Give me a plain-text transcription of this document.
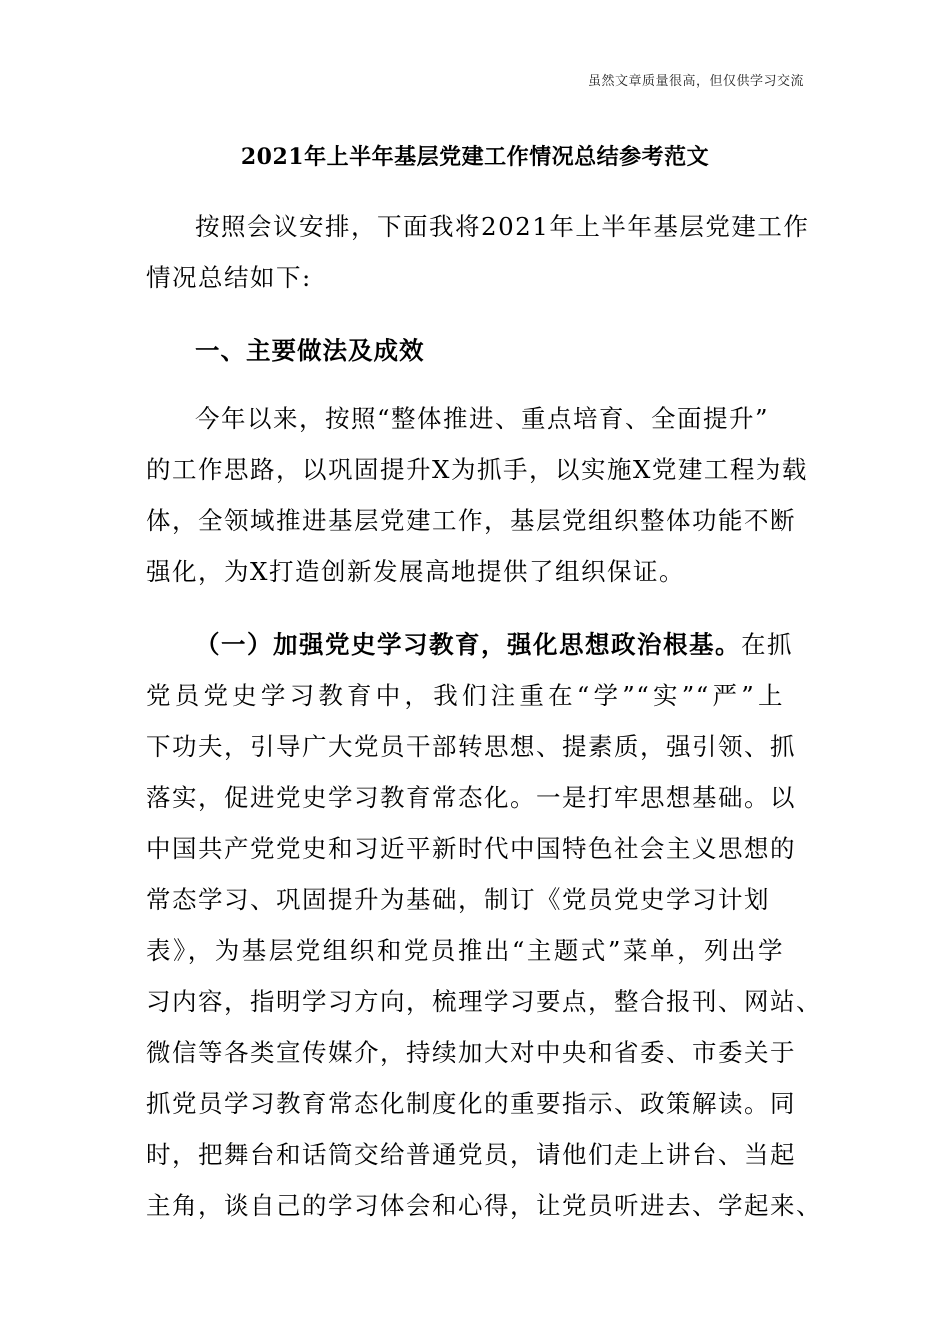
虽然文章质量很高，但仅供学习交流
2021年上半年基层党建工作情况总结参考范文
按照会议安排，下面我将2021年上半年基层党建工作
情况总结如下:
一、主要做法及成效
今年以来，按照“整体推进、重点培育、全面提升”
的工作思路，以巩固提升X为抓手，以实施X党建工程为载
体，全领域推进基层党建工作，基层党组织整体功能不断
强化，为X打造创新发展高地提供了组织保证。
（一）加强党史学习教育，强化思想政治根基。在抓
党员党史学习教育中，我们注重在“学”“实”“严”上
下功夫，引导广大党员干部转思想、提素质，强引领、抓
落实，促进党史学习教育常态化。一是打牢思想基础。以
中国共产党党史和习近平新时代中国特色社会主义思想的
常态学习、巩固提升为基础，制订《党员党史学习计划
表》，为基层党组织和党员推出“主题式”菜单，列出学
习内容，指明学习方向，梳理学习要点，整合报刊、网站、
微信等各类宣传媒介，持续加大对中央和省委、市委关于
抓党员学习教育常态化制度化的重要指示、政策解读。同
时，把舞台和话筒交给普通党员，请他们走上讲台、当起
主角，谈自己的学习体会和心得，让党员听进去、学起来、
